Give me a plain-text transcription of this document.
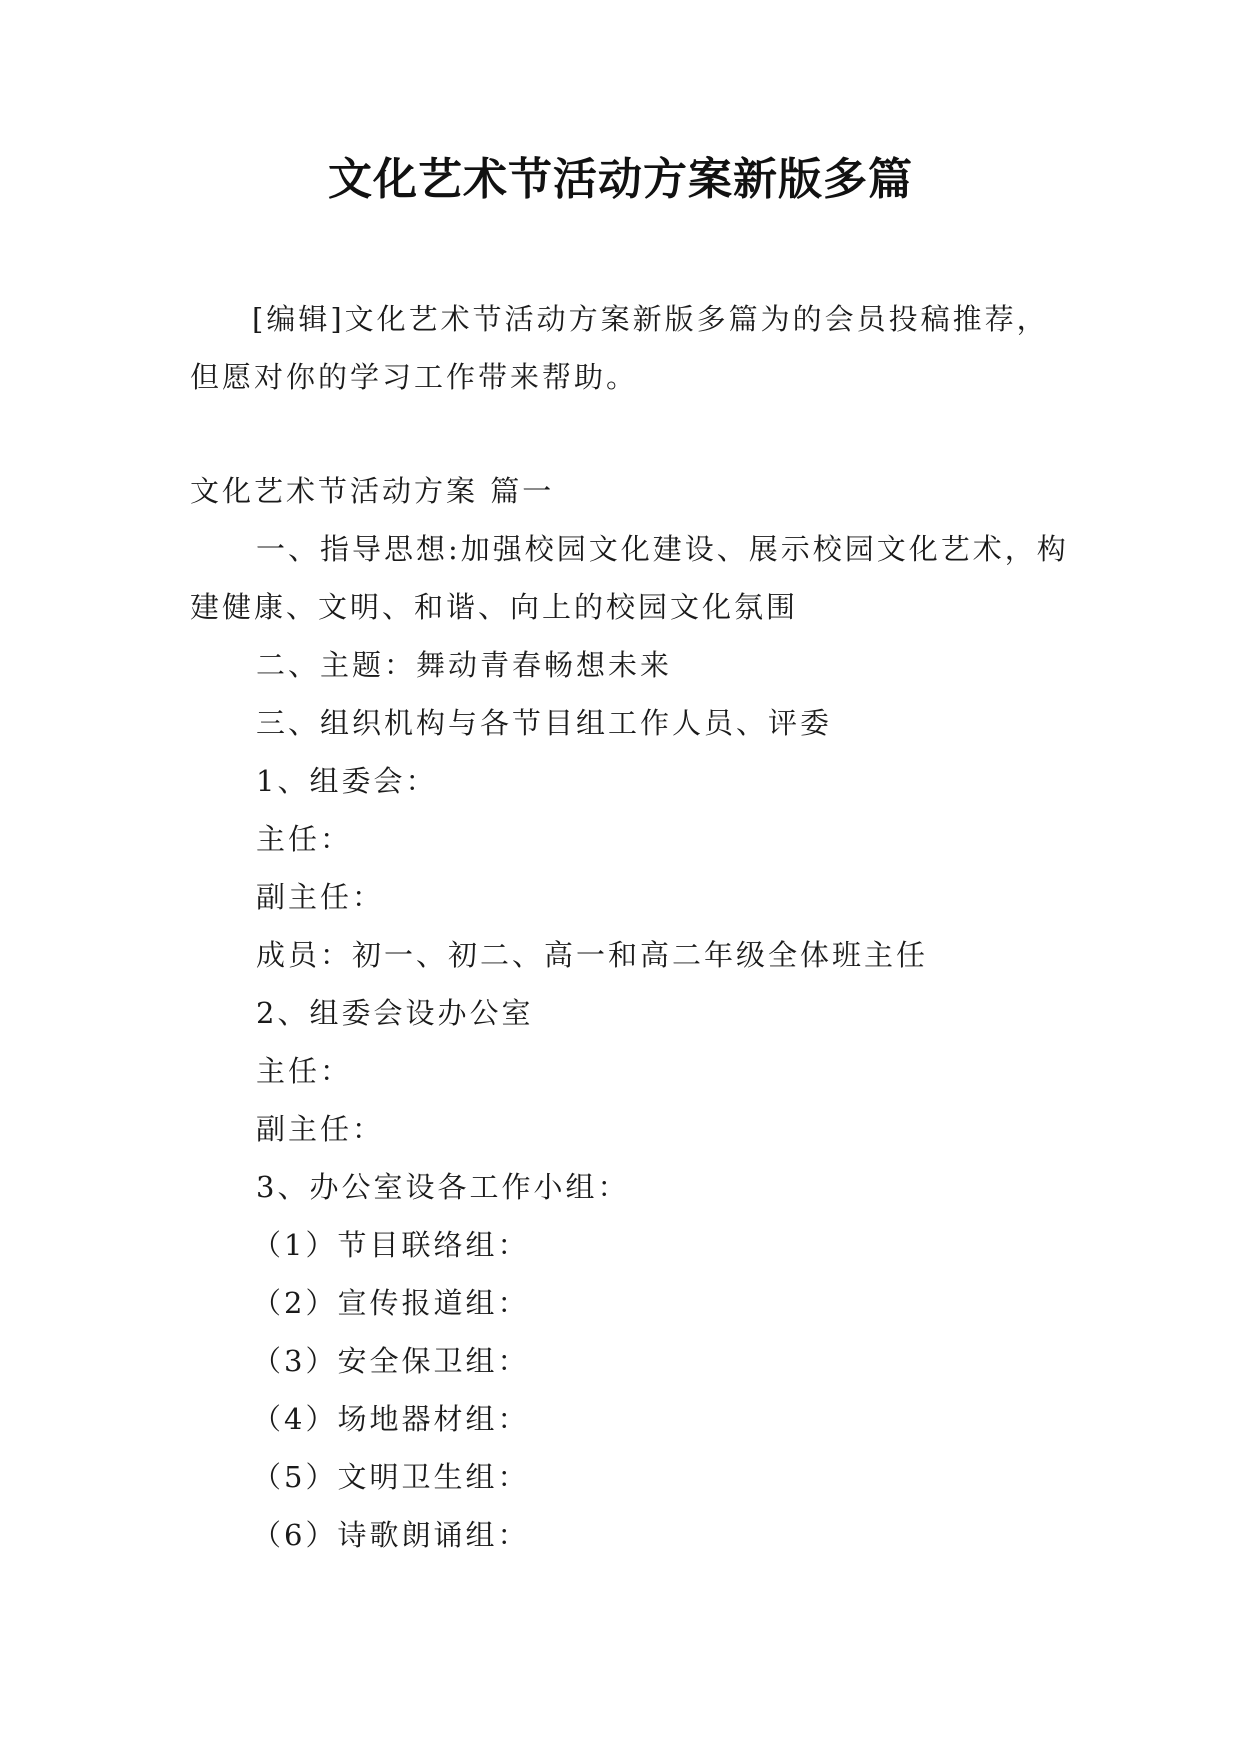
文化艺术节活动方案新版多篇

[编辑]文化艺术节活动方案新版多篇为的会员投稿推荐，但愿对你的学习工作带来帮助。

文化艺术节活动方案 篇一

一、指导思想:加强校园文化建设、展示校园文化艺术，构建健康、文明、和谐、向上的校园文化氛围

二、主题：舞动青春畅想未来

三、组织机构与各节目组工作人员、评委

1、组委会：

主任：

副主任：

成员：初一、初二、高一和高二年级全体班主任

2、组委会设办公室

主任：

副主任：

3、办公室设各工作小组：

（1）节目联络组：

（2）宣传报道组：

（3）安全保卫组：

（4）场地器材组：

（5）文明卫生组：

（6）诗歌朗诵组：
